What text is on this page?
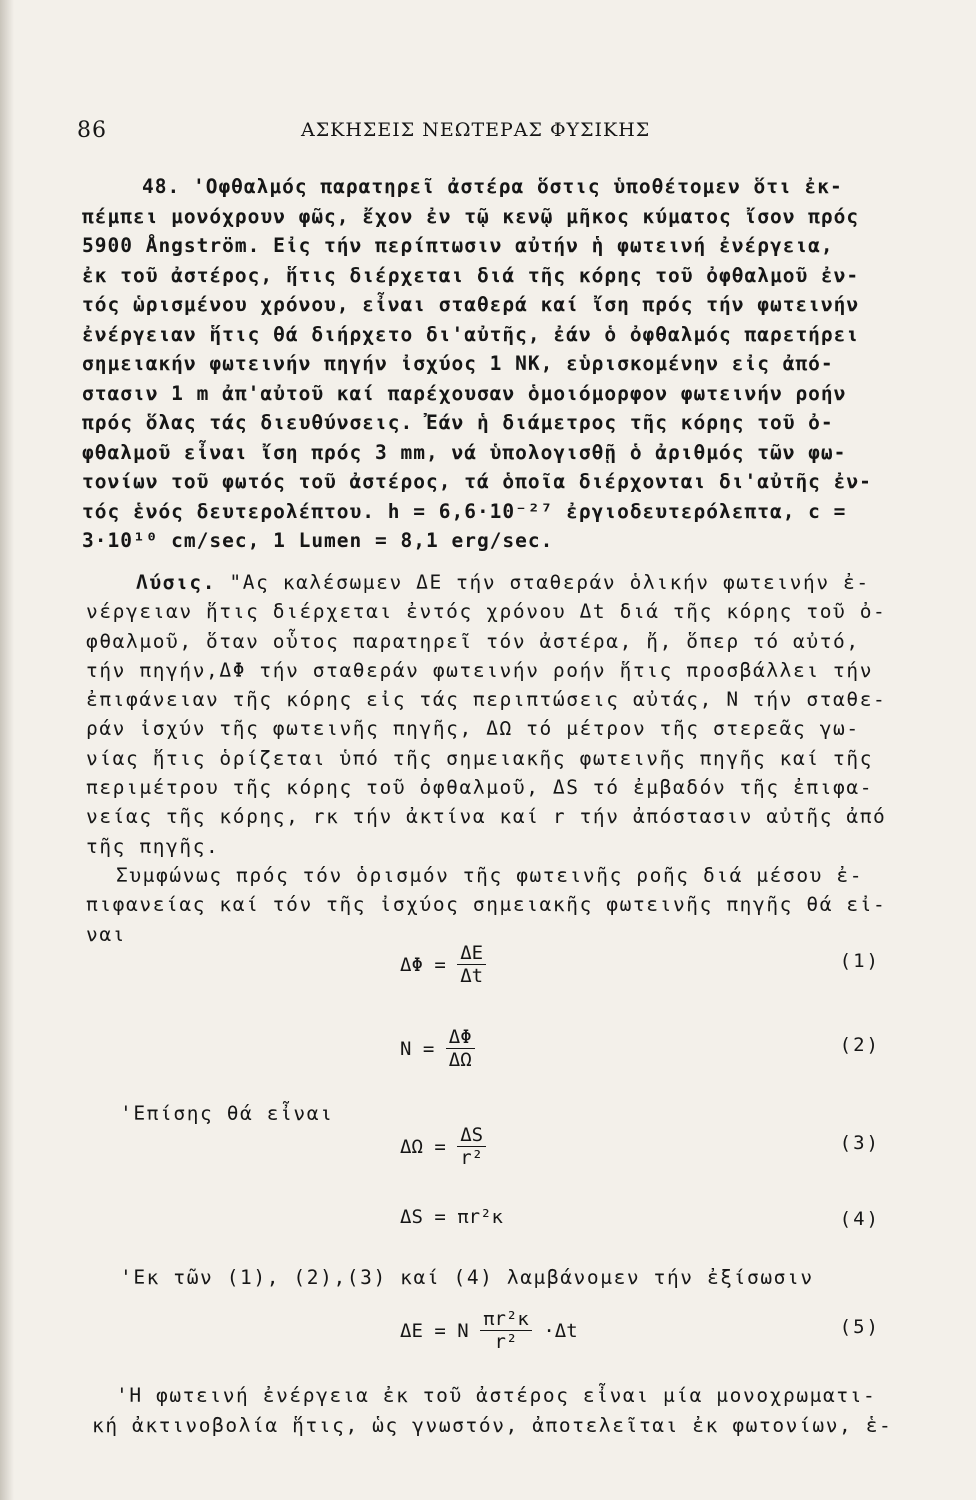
86	ΑΣΚΗΣΕΙΣ ΝΕΩΤΕΡΑΣ ΦΥΣΙΚΗΣ
48. 'Οφθαλμός παρατηρεῖ ἀστέρα ὅστις ὑποθέτομεν ὅτι ἐκ-
πέμπει μονόχρουν φῶς, ἔχον ἐν τῷ κενῷ μῆκος κύματος ἴσον πρός
5900 Ångström. Εἰς τήν περίπτωσιν αὐτήν ἡ φωτεινή ἐνέργεια,
ἐκ τοῦ ἀστέρος, ἥτις διέρχεται διά τῆς κόρης τοῦ ὀφθαλμοῦ ἐν-
τός ὡρισμένου χρόνου, εἶναι σταθερά καί ἴση πρός τήν φωτεινήν
ἐνέργειαν ἥτις θά διήρχετο δι'αὐτῆς, ἐάν ὁ ὀφθαλμός παρετήρει
σημειακήν φωτεινήν πηγήν ἰσχύος 1 ΝΚ, εὑρισκομένην εἰς ἀπό-
στασιν 1 m ἀπ'αὐτοῦ καί παρέχουσαν ὁμοιόμορφον φωτεινήν ροήν
πρός ὅλας τάς διευθύνσεις. Ἐάν ἡ διάμετρος τῆς κόρης τοῦ ὀ-
φθαλμοῦ εἶναι ἴση πρός 3 mm, νά ὑπολογισθῇ ὁ ἀριθμός τῶν φω-
τονίων τοῦ φωτός τοῦ ἀστέρος, τά ὁποῖα διέρχονται δι'αὐτῆς ἐν-
τός ἑνός δευτερολέπτου. h = 6,6·10⁻²⁷ ἐργιοδευτερόλεπτα, c =
3·10¹⁰ cm/sec, 1 Lumen = 8,1 erg/sec.
Λύσις. "Ας καλέσωμεν ΔΕ τήν σταθεράν ὁλικήν φωτεινήν ἐ-
νέργειαν ἥτις διέρχεται ἐντός χρόνου Δt διά τῆς κόρης τοῦ ὀ-
φθαλμοῦ, ὅταν οὗτος παρατηρεῖ τόν ἀστέρα, ἤ, ὅπερ τό αὐτό,
τήν πηγήν,ΔΦ τήν σταθεράν φωτεινήν ροήν ἥτις προσβάλλει τήν
ἐπιφάνειαν τῆς κόρης εἰς τάς περιπτώσεις αὐτάς, Ν τήν σταθε-
ράν ἰσχύν τῆς φωτεινῆς πηγῆς, ΔΩ τό μέτρον τῆς στερεᾶς γω-
νίας ἥτις ὁρίζεται ὑπό τῆς σημειακῆς φωτεινῆς πηγῆς καί τῆς
περιμέτρου τῆς κόρης τοῦ ὀφθαλμοῦ, ΔS τό ἐμβαδόν τῆς ἐπιφα-
νείας τῆς κόρης, rκ τήν ἀκτίνα καί r τήν ἀπόστασιν αὐτῆς ἀπό
τῆς πηγῆς.
Συμφώνως πρός τόν ὁρισμόν τῆς φωτεινῆς ροῆς διά μέσου ἐ-
πιφανείας καί τόν τῆς ἰσχύος σημειακῆς φωτεινῆς πηγῆς θά εἰ-
ναι
$\Delta\Phi = \frac{\Delta E}{\Delta t}$	(1)
$N = \frac{\Delta\Phi}{\Delta\Omega}$	(2)
'Επίσης θά εἶναι
$\Delta\Omega = \frac{\Delta S}{\text{r²}}$	(3)
ΔS = πr²κ	(4)
'Εκ τῶν (1), (2),(3) καί (4) λαμβάνομεν τήν ἐξίσωσιν
ΔΕ = Ν $\frac{\text{πr²κ}}{\text{r²}} \cdot\Delta t$	(5)
'Η φωτεινή ἐνέργεια ἐκ τοῦ ἀστέρος εἶναι μία μονοχρωματι-
κή ἀκτινοβολία ἥτις, ὡς γνωστόν, ἀποτελεῖται ἐκ φωτονίων, ἑ-
